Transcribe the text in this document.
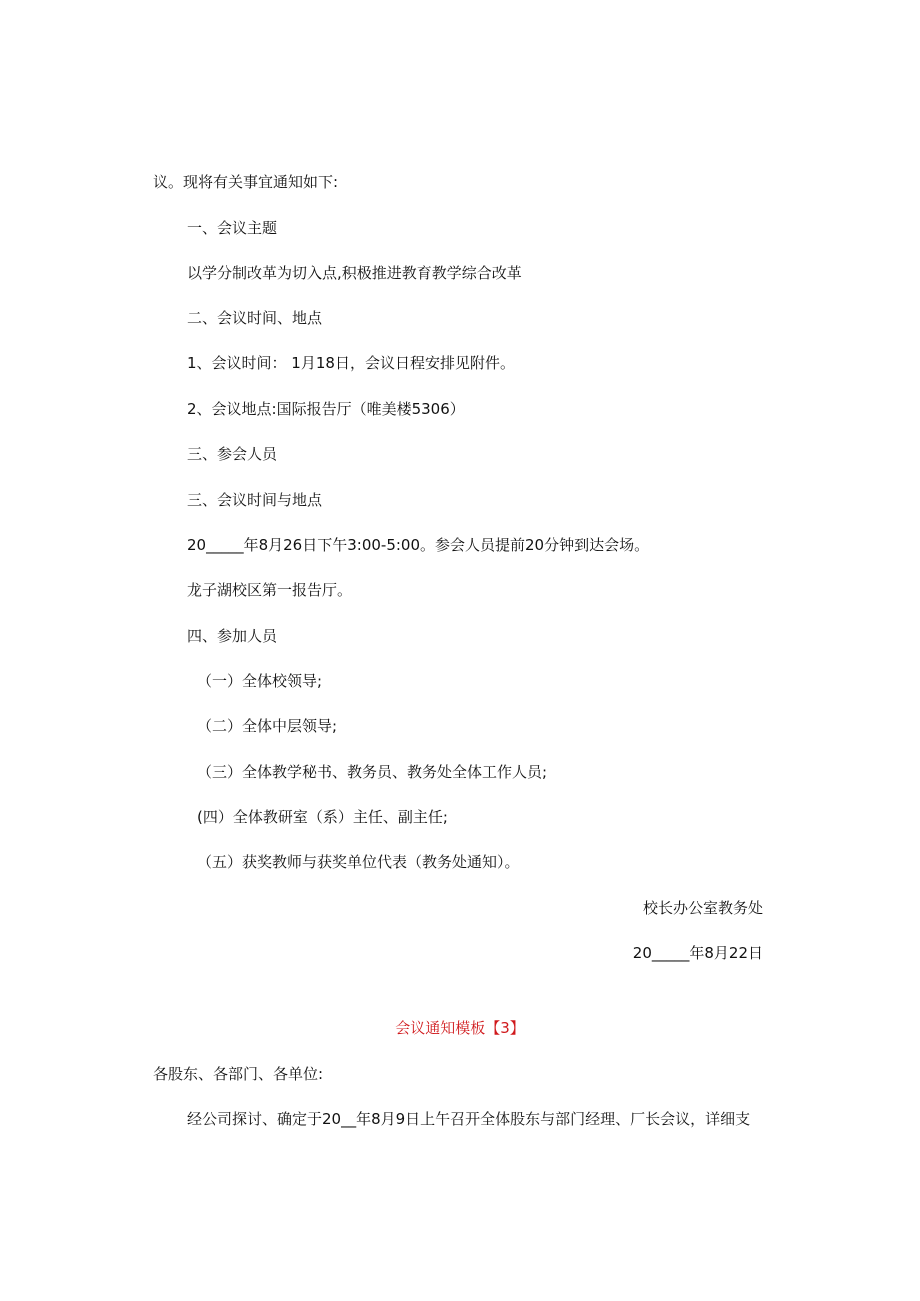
议。现将有关事宜通知如下:

一、会议主题

以学分制改革为切入点,积极推进教育教学综合改革

二、会议时间、地点

1、会议时间： 1月18日，会议日程安排见附件。

2、会议地点:国际报告厅（唯美楼5306）

三、参会人员

三、会议时间与地点

20_____年8月26日下午3:00-5:00。参会人员提前20分钟到达会场。

龙子湖校区第一报告厅。

四、参加人员

（一）全体校领导;

（二）全体中层领导;

（三）全体教学秘书、教务员、教务处全体工作人员;

(四）全体教研室（系）主任、副主任;

（五）获奖教师与获奖单位代表（教务处通知）。

校长办公室教务处

20_____年8月22日

会议通知模板【3】

各股东、各部门、各单位:

经公司探讨、确定于20__年8月9日上午召开全体股东与部门经理、厂长会议，详细支
